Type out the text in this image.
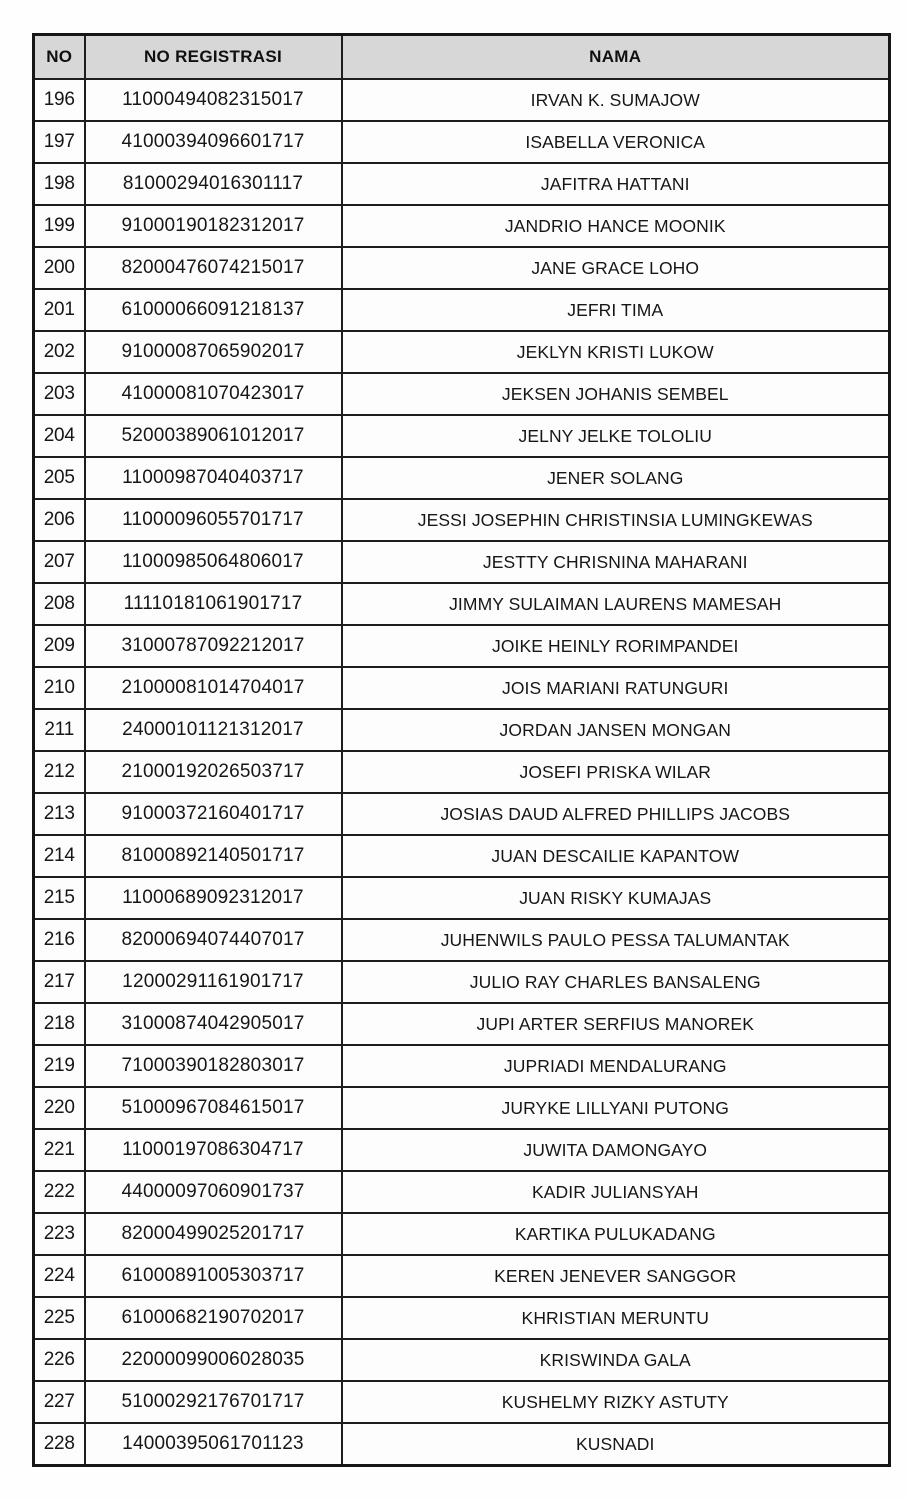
NO	NO REGISTRASI	NAMA
196	11000494082315017	IRVAN K. SUMAJOW
197	41000394096601717	ISABELLA VERONICA
198	81000294016301117	JAFITRA HATTANI
199	91000190182312017	JANDRIO HANCE MOONIK
200	82000476074215017	JANE GRACE LOHO
201	61000066091218137	JEFRI TIMA
202	91000087065902017	JEKLYN KRISTI LUKOW
203	41000081070423017	JEKSEN JOHANIS SEMBEL
204	52000389061012017	JELNY JELKE TOLOLIU
205	11000987040403717	JENER SOLANG
206	11000096055701717	JESSI JOSEPHIN CHRISTINSIA LUMINGKEWAS
207	11000985064806017	JESTTY CHRISNINA MAHARANI
208	11110181061901717	JIMMY SULAIMAN LAURENS MAMESAH
209	31000787092212017	JOIKE HEINLY RORIMPANDEI
210	21000081014704017	JOIS MARIANI RATUNGURI
211	24000101121312017	JORDAN JANSEN MONGAN
212	21000192026503717	JOSEFI PRISKA WILAR
213	91000372160401717	JOSIAS DAUD ALFRED PHILLIPS JACOBS
214	81000892140501717	JUAN DESCAILIE KAPANTOW
215	11000689092312017	JUAN RISKY KUMAJAS
216	82000694074407017	JUHENWILS PAULO PESSA TALUMANTAK
217	12000291161901717	JULIO RAY CHARLES BANSALENG
218	31000874042905017	JUPI ARTER SERFIUS MANOREK
219	71000390182803017	JUPRIADI MENDALURANG
220	51000967084615017	JURYKE LILLYANI PUTONG
221	11000197086304717	JUWITA DAMONGAYO
222	44000097060901737	KADIR JULIANSYAH
223	82000499025201717	KARTIKA PULUKADANG
224	61000891005303717	KEREN JENEVER SANGGOR
225	61000682190702017	KHRISTIAN MERUNTU
226	22000099006028035	KRISWINDA GALA
227	51000292176701717	KUSHELMY RIZKY ASTUTY
228	14000395061701123	KUSNADI
